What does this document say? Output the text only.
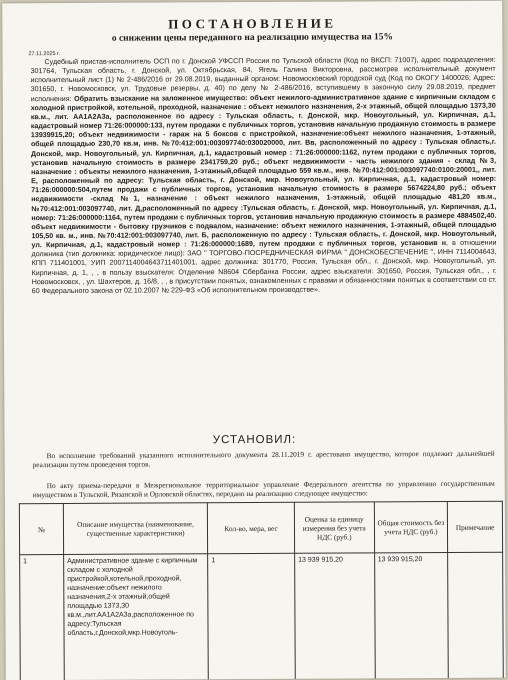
ПОСТАНОВЛЕНИЕ
о снижении цены переданного на реализацию имущества на 15%
27.11.2025 г.
Судебный пристав-исполнитель ОСП по г. Донской УФССП России по Тульской области (Код по ВКСП: 71007), адрес подразделения: 301764, Тульская область, г. Донской, ул. Октябрьская, 84, Ягель Галина Викторовна, рассмотрев исполнительный документ исполнительный лист (1) № 2-486/2016 от 29.08.2019, выданный органом: Новомосковский городской суд (Код по ОКОГУ 1400026; Адрес: 301650, г. Новомосковск, ул. Трудовые резервы, д. 40) по делу № 2-486/2016, вступившему в законную силу 29.08.2019, предмет исполнения: Обратить взыскание на заложенное имущество: объект нежилого-административное здание с кирпичным складом с холодной пристройкой, котельной, проходной, назначение : объект нежилого назначения, 2-х этажный, общей площадью 1373,30 кв.м., лит. АА1А2А3а, расположенное по адресу : Тульская область, г. Донской, мкр. Новоугольный, ул. Кирпичная, д.1, кадастровый номер 71:26:000000:133, путем продажи с публичных торгов, установив начальную продажную стоимость в размере 13939915,20; объект недвижимости - гараж на 5 боксов с пристройкой, назначение:объект нежилого назначения, 1-этажный, общей площадью 230,70 кв.м, инв. №70:412:001:003097740:030020000, лит. Вв, расположенный по адресу : Тульская область,г. Донской, мкр. Новоугольный, ул. Кирпичная, д.1, кадастровый номер : 71:26:000000:1162, путем продажи с публичных торгов, установив начальную стоимость в размере 2341759,20 руб.; объект недвижимости - часть нежилого здания - склад №3, назначение : объекты нежилого назначения, 1-этажный,общей площадью 559 кв.м., инв. №70:412:001:003097740:0100:20001,, лит. Е, расположенный по адресу: Тульская область, г. Донской, мкр. Новоугольный, ул. Кирпичная, д.1, кадастровый номер: 71:26:000000:504,путем продажи с публичных торгов, установив начальную стоимость в размере 5674224,80 руб.; объект недвижимости -склад №1, назначение : объект нежилого назначения, 1-этажный, общей площадью 481,20 кв.м., №70:412:001:003097740, лит. Д,расположенный по адресу :Тульская область, г. Донской, мкр. Новоугольный, ул. Кирпичная, д.1, номер: 71:26:000000:1164, путем продажи с публичных торгов, установив начальную продажную стоимость в размере 4884502,40. объект недвижимости - бытовку грузчиков с подвалом, назначение: объект нежилого назначения, 1-этажный, общей площадью 105,50 кв. м., инв. №70:412:001:003097740, лит. Б, расположенную по адресу : Тульская область, г. Донской, мкр. Новоугольный, ул. Кирпичная, д.1, кадастровый номер : 71:26:000000:1689, путем продажи с публичных торгов, установив н, в отношении должника (тип должника: юридическое лицо): ЗАО " ТОРГОВО-ПОСРЕДНИЧЕСКАЯ ФИРМА " ДОНСКОБЕСПЕЧЕНИЕ ", ИНН 7114004643, КПП 711401001, УИП 2007114004643711401001, адрес должника: 301770, Россия, Тульская обл., г. Донской, мкр. Новоугольный, ул. Кирпичная, д. 1, , , в пользу взыскателя: Отделение N8604 Сбербанка России, адрес взыскателя: 301650, Россия, Тульская обл., , г. Новомосковск, , ул. Шахтеров, д. 16/8, , , в присутствии понятых, ознакомленных с правами и обязанностями понятых в соответствии со ст. 60 Федерального закона от 02.10.2007 № 229-ФЗ «Об исполнительном производстве».
УСТАНОВИЛ:
Во исполнение требований указанного исполнительного документа 28.11.2019 г. арестовано имущество, которое подлежит дальнейшей реализации путем проведения торгов.
По акту приема-передачи в Межрегиональное территориальное управление Федерального агентства по управлению государственным имуществом в Тульской, Рязанской и Орловской областях, передано на реализацию следующее имущество:
№	Описание имущества (наименование, существенные характеристики)	Кол-во, мера, вес	Оценка за единицу измерения без учета НДС (руб.)	Общая стоимость без учета НДС (руб.)	Примечание
1	Административное здание с кирпичным складом с холодной пристройкой,котельной,проходной, назначение:объект нежилого назначения,2-х этажный,общей площадью 1373,30 кв.м.,лит.АА1А2А3а,расположенное по адресу:Тульская область,г.Донской,мкр.Новоуголь-	1	13 939 915,20	13 939 915,20	
